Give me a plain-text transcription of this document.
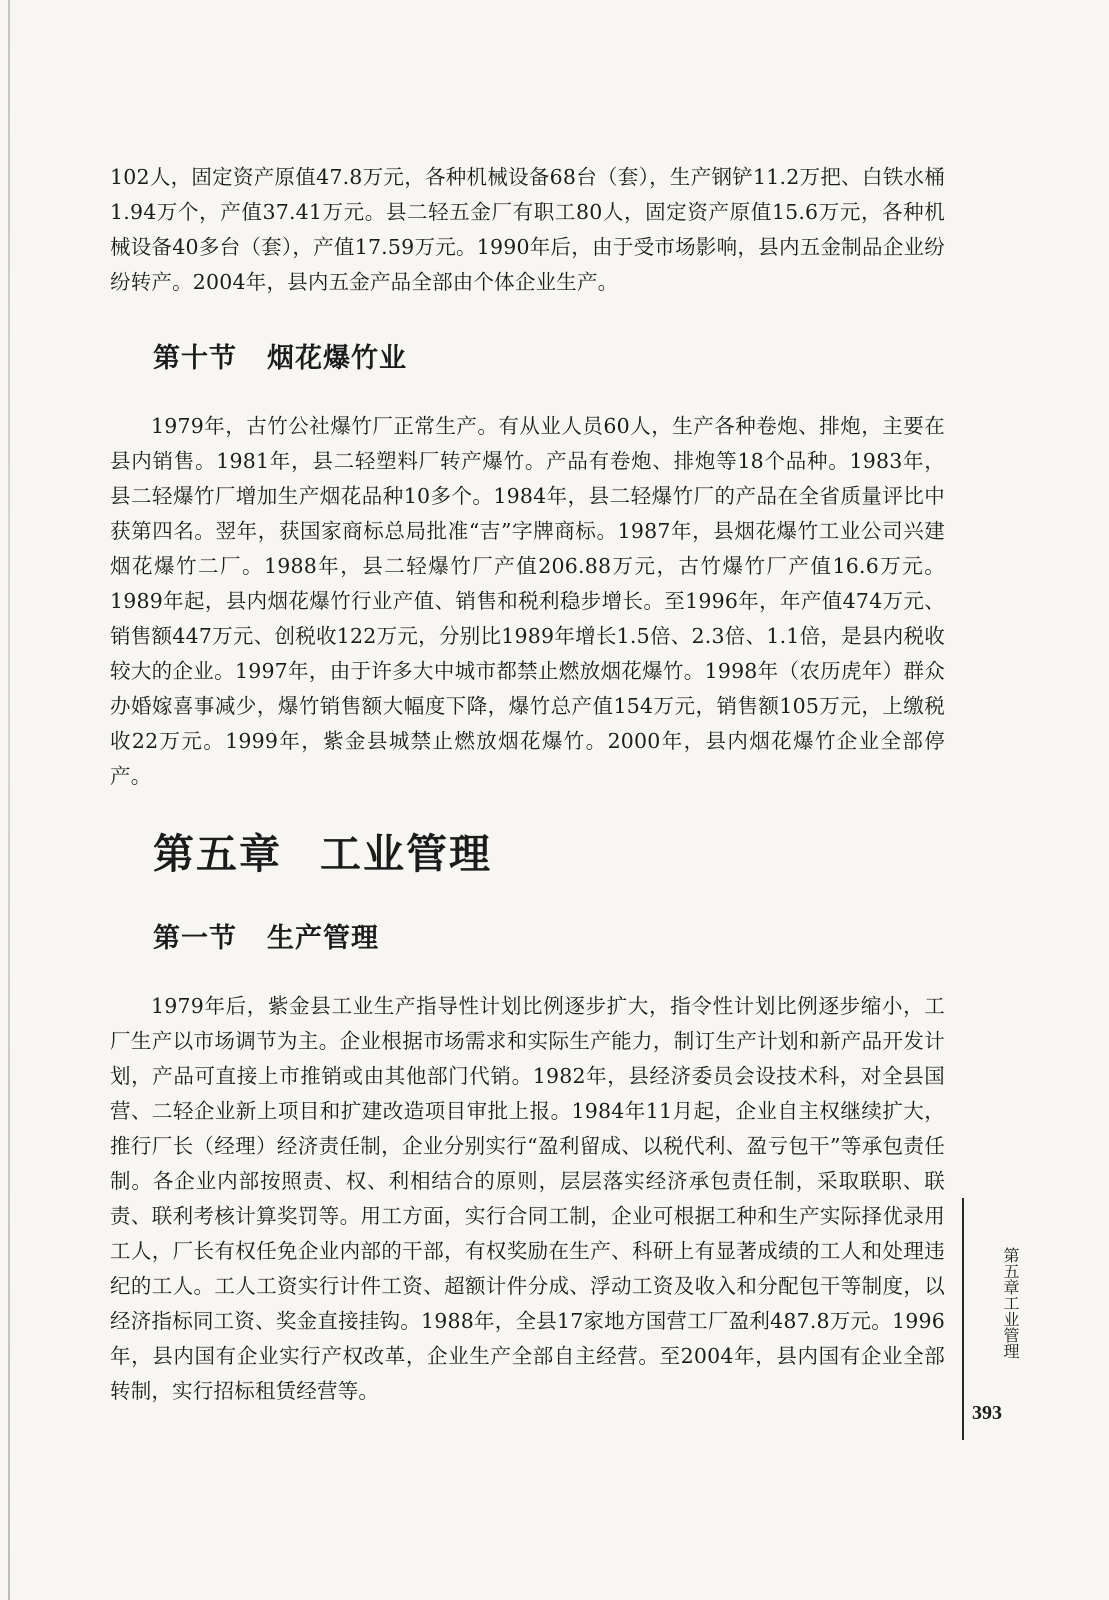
102人，固定资产原值47.8万元，各种机械设备68台（套），生产钢铲11.2万把、白铁水桶1.94万个，产值37.41万元。县二轻五金厂有职工80人，固定资产原值15.6万元，各种机械设备40多台（套），产值17.59万元。1990年后，由于受市场影响，县内五金制品企业纷纷转产。2004年，县内五金产品全部由个体企业生产。

第十节 烟花爆竹业

1979年，古竹公社爆竹厂正常生产。有从业人员60人，生产各种卷炮、排炮，主要在县内销售。1981年，县二轻塑料厂转产爆竹。产品有卷炮、排炮等18个品种。1983年，县二轻爆竹厂增加生产烟花品种10多个。1984年，县二轻爆竹厂的产品在全省质量评比中获第四名。翌年，获国家商标总局批准“吉”字牌商标。1987年，县烟花爆竹工业公司兴建烟花爆竹二厂。1988年，县二轻爆竹厂产值206.88万元，古竹爆竹厂产值16.6万元。1989年起，县内烟花爆竹行业产值、销售和税利稳步增长。至1996年，年产值474万元、销售额447万元、创税收122万元，分别比1989年增长1.5倍、2.3倍、1.1倍，是县内税收较大的企业。1997年，由于许多大中城市都禁止燃放烟花爆竹。1998年（农历虎年）群众办婚嫁喜事减少，爆竹销售额大幅度下降，爆竹总产值154万元，销售额105万元，上缴税收22万元。1999年，紫金县城禁止燃放烟花爆竹。2000年，县内烟花爆竹企业全部停产。

第五章 工业管理
第一节 生产管理

1979年后，紫金县工业生产指导性计划比例逐步扩大，指令性计划比例逐步缩小，工厂生产以市场调节为主。企业根据市场需求和实际生产能力，制订生产计划和新产品开发计划，产品可直接上市推销或由其他部门代销。1982年，县经济委员会设技术科，对全县国营、二轻企业新上项目和扩建改造项目审批上报。1984年11月起，企业自主权继续扩大，推行厂长（经理）经济责任制，企业分别实行“盈利留成、以税代利、盈亏包干”等承包责任制。各企业内部按照责、权、利相结合的原则，层层落实经济承包责任制，采取联职、联责、联利考核计算奖罚等。用工方面，实行合同工制，企业可根据工种和生产实际择优录用工人，厂长有权任免企业内部的干部，有权奖励在生产、科研上有显著成绩的工人和处理违纪的工人。工人工资实行计件工资、超额计件分成、浮动工资及收入和分配包干等制度，以经济指标同工资、奖金直接挂钩。1988年，全县17家地方国营工厂盈利487.8万元。1996年，县内国有企业实行产权改革，企业生产全部自主经营。至2004年，县内国有企业全部转制，实行招标租赁经营等。

第五章
工业管理
393
